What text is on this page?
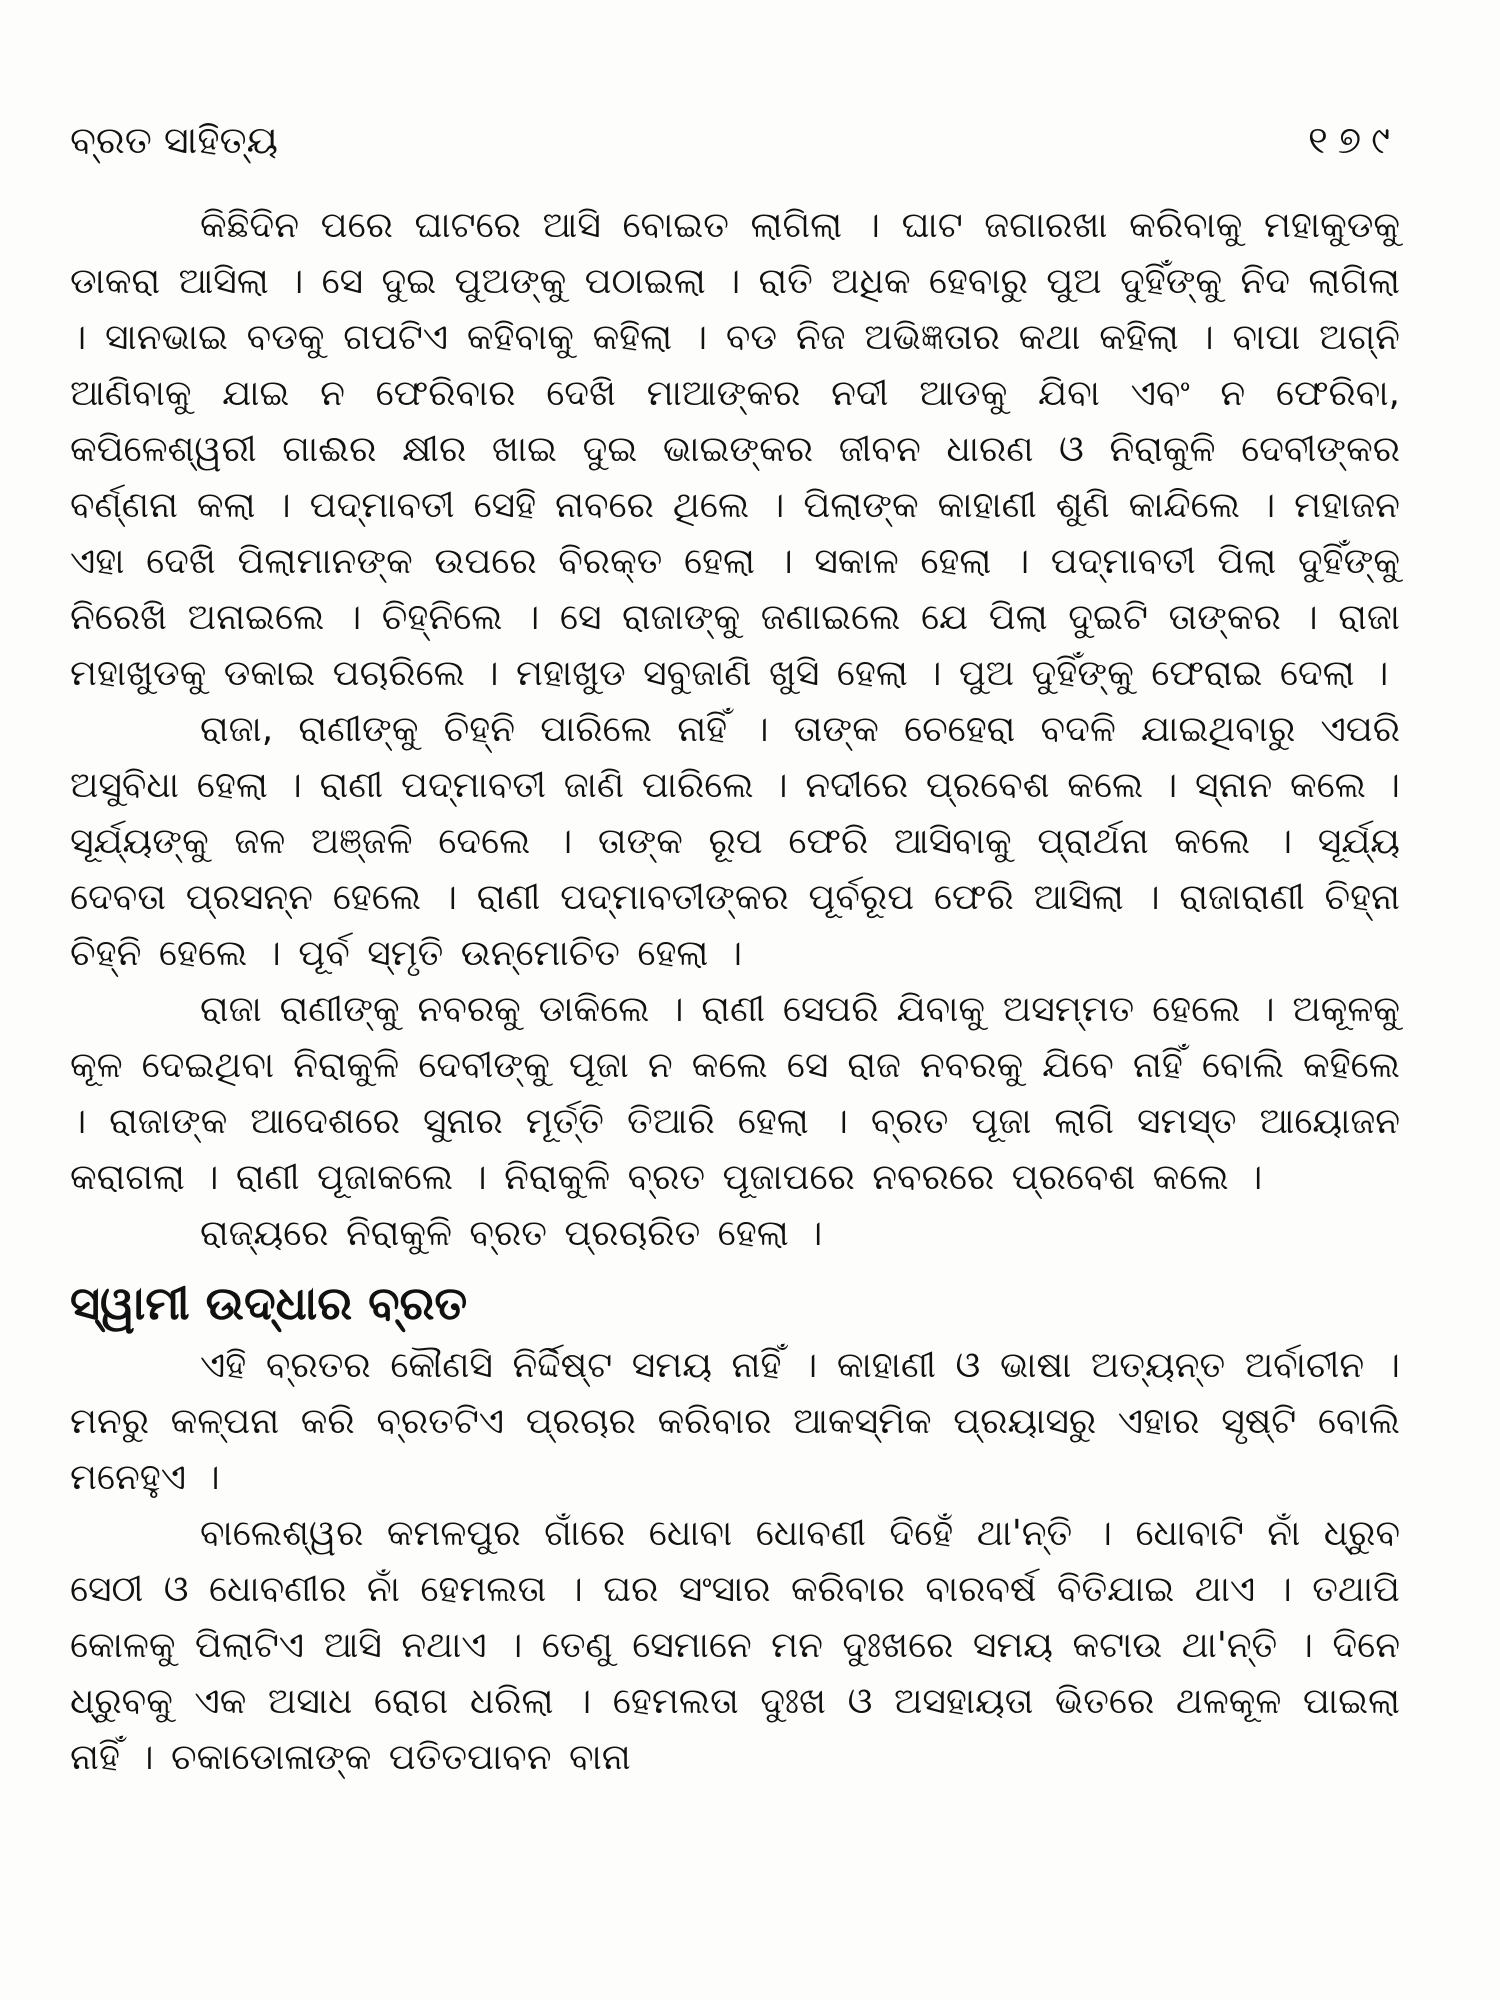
ବ୍ରତ ସାହିତ୍ୟ	୧୭୯

କିଛିଦିନ ପରେ ଘାଟରେ ଆସି ବୋଇତ ଲାଗିଲା । ଘାଟ ଜଗାରଖା କରିବାକୁ ମହାକୁଡକୁ ଡାକରା ଆସିଲା । ସେ ଦୁଇ ପୁଅଙ୍କୁ ପଠାଇଲା । ରାତି ଅଧିକ ହେବାରୁ ପୁଅ ଦୁହିଁଙ୍କୁ ନିଦ ଲାଗିଲା । ସାନଭାଇ ବଡକୁ ଗପଟିଏ କହିବାକୁ କହିଲା । ବଡ ନିଜ ଅଭିଜ୍ଞତାର କଥା କହିଲା । ବାପା ଅଗ୍ନି ଆଣିବାକୁ ଯାଇ ନ ଫେରିବାର ଦେଖି ମାଆଙ୍କର ନଦୀ ଆଡକୁ ଯିବା ଏବଂ ନ ଫେରିବା, କପିଳେଶ୍ୱରୀ ଗାଈର କ୍ଷୀର ଖାଇ ଦୁଇ ଭାଇଙ୍କର ଜୀବନ ଧାରଣ ଓ ନିରାକୁଳି ଦେବୀଙ୍କର ବର୍ଣ୍ଣନା କଲା । ପଦ୍ମାବତୀ ସେହି ନାବରେ ଥିଲେ । ପିଲାଙ୍କ କାହାଣୀ ଶୁଣି କାନ୍ଦିଲେ । ମହାଜନ ଏହା ଦେଖି ପିଲାମାନଙ୍କ ଉପରେ ବିରକ୍ତ ହେଲା । ସକାଳ ହେଲା । ପଦ୍ମାବତୀ ପିଲା ଦୁହିଁଙ୍କୁ ନିରେଖି ଅନାଇଲେ । ଚିହ୍ନିଲେ । ସେ ରାଜାଙ୍କୁ ଜଣାଇଲେ ଯେ ପିଲା ଦୁଇଟି ତାଙ୍କର । ରାଜା ମହାଖୁଡକୁ ଡକାଇ ପଚାରିଲେ । ମହାଖୁଡ ସବୁଜାଣି ଖୁସି ହେଲା । ପୁଅ ଦୁହିଁଙ୍କୁ ଫେରାଇ ଦେଲା ।

ରାଜା, ରାଣୀଙ୍କୁ ଚିହ୍ନି ପାରିଲେ ନାହିଁ । ତାଙ୍କ ଚେହେରା ବଦଳି ଯାଇଥିବାରୁ ଏପରି ଅସୁବିଧା ହେଲା । ରାଣୀ ପଦ୍ମାବତୀ ଜାଣି ପାରିଲେ । ନଦୀରେ ପ୍ରବେଶ କଲେ । ସ୍ନାନ କଲେ । ସୂର୍ଯ୍ୟଙ୍କୁ ଜଳ ଅଞ୍ଜଳି ଦେଲେ । ତାଙ୍କ ରୂପ ଫେରି ଆସିବାକୁ ପ୍ରାର୍ଥନା କଲେ । ସୂର୍ଯ୍ୟ ଦେବତା ପ୍ରସନ୍ନ ହେଲେ । ରାଣୀ ପଦ୍ମାବତୀଙ୍କର ପୂର୍ବରୂପ ଫେରି ଆସିଲା । ରାଜାରାଣୀ ଚିହ୍ନା ଚିହ୍ନି ହେଲେ । ପୂର୍ବ ସ୍ମୃତି ଉନ୍ମୋଚିତ ହେଲା ।

ରାଜା ରାଣୀଙ୍କୁ ନବରକୁ ଡାକିଲେ । ରାଣୀ ସେପରି ଯିବାକୁ ଅସମ୍ମତ ହେଲେ । ଅକୂଳକୁ କୂଳ ଦେଇଥିବା ନିରାକୁଳି ଦେବୀଙ୍କୁ ପୂଜା ନ କଲେ ସେ ରାଜ ନବରକୁ ଯିବେ ନାହିଁ ବୋଲି କହିଲେ । ରାଜାଙ୍କ ଆଦେଶରେ ସୁନାର ମୂର୍ତ୍ତି ତିଆରି ହେଲା । ବ୍ରତ ପୂଜା ଲାଗି ସମସ୍ତ ଆୟୋଜନ କରାଗଲା । ରାଣୀ ପୂଜାକଲେ । ନିରାକୁଳି ବ୍ରତ ପୂଜାପରେ ନବରରେ ପ୍ରବେଶ କଲେ ।

ରାଜ୍ୟରେ ନିରାକୁଳି ବ୍ରତ ପ୍ରଚାରିତ ହେଲା ।

ସ୍ୱାମୀ ଉଦ୍ଧାର ବ୍ରତ

ଏହି ବ୍ରତର କୌଣସି ନିର୍ଦ୍ଦିଷ୍ଟ ସମୟ ନାହିଁ । କାହାଣୀ ଓ ଭାଷା ଅତ୍ୟନ୍ତ ଅର୍ବାଚୀନ । ମନରୁ କଳ୍ପନା କରି ବ୍ରତଟିଏ ପ୍ରଚାର କରିବାର ଆକସ୍ମିକ ପ୍ରୟାସରୁ ଏହାର ସୃଷ୍ଟି ବୋଲି ମନେହୁଏ ।

ବାଲେଶ୍ୱର କମଳପୁର ଗାଁରେ ଧୋବା ଧୋବଣୀ ଦିହେଁ ଥା'ନ୍ତି । ଧୋବାଟି ନାଁ ଧ୍ରୁବ ସେଠୀ ଓ ଧୋବଣୀର ନାଁ ହେମଲତା । ଘର ସଂସାର କରିବାର ବାରବର୍ଷ ବିତିଯାଇ ଥାଏ । ତଥାପି କୋଳକୁ ପିଲାଟିଏ ଆସି ନଥାଏ । ତେଣୁ ସେମାନେ ମନ ଦୁଃଖରେ ସମୟ କଟାଉ ଥା'ନ୍ତି । ଦିନେ ଧ୍ରୁବକୁ ଏକ ଅସାଧ ରୋଗ ଧରିଲା । ହେମଲତା ଦୁଃଖ ଓ ଅସହାୟତା ଭିତରେ ଥଳକୂଳ ପାଇଲା ନାହିଁ । ଚକାଡୋଳାଙ୍କ ପତିତପାବନ ବାନା
